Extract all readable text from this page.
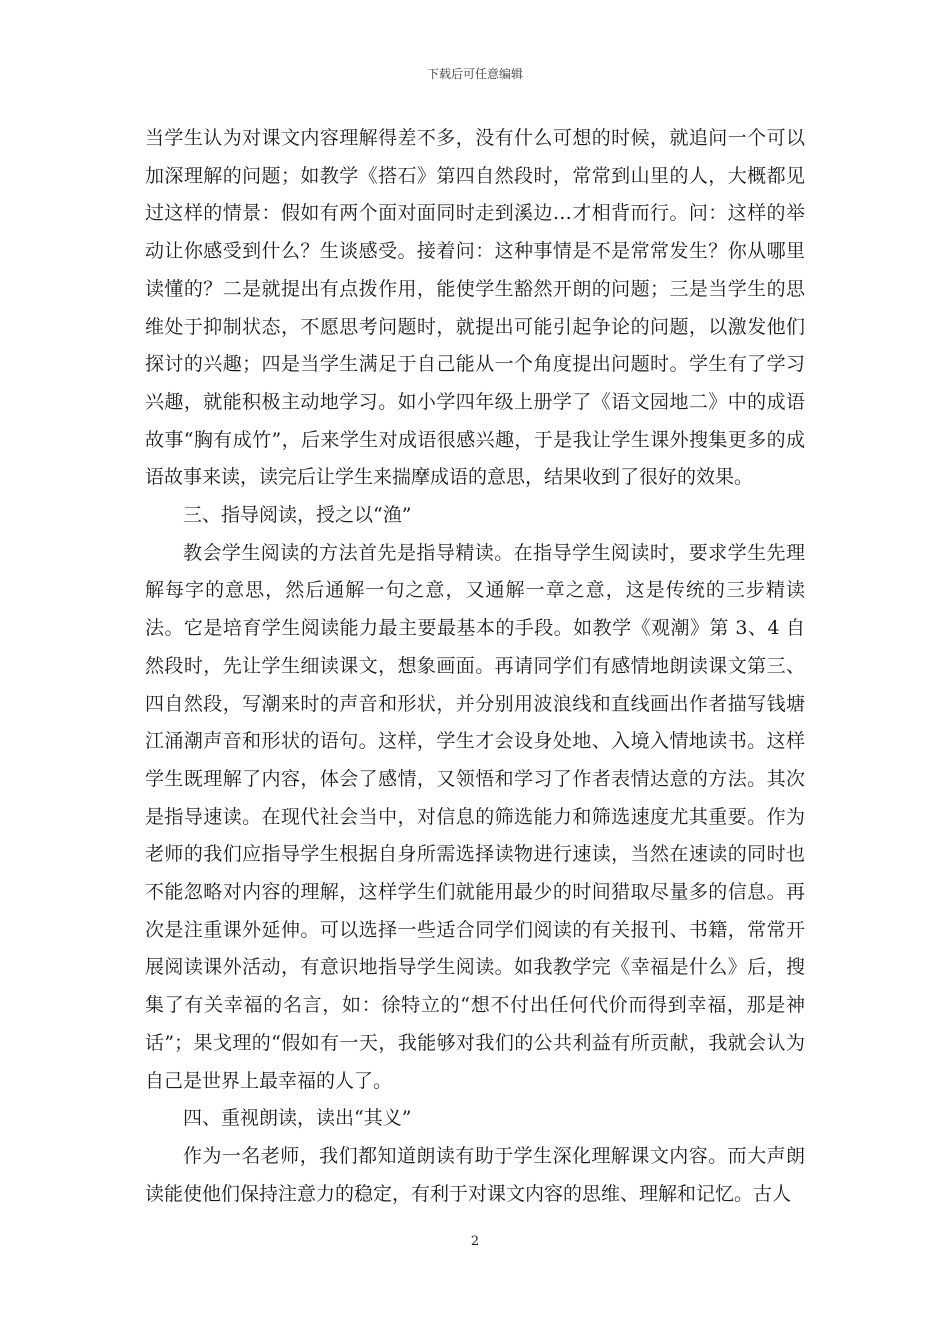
下载后可任意编辑

当学生认为对课文内容理解得差不多，没有什么可想的时候，就追问一个可以加深理解的问题；如教学《搭石》第四自然段时，常常到山里的人，大概都见过这样的情景：假如有两个面对面同时走到溪边…才相背而行。问：这样的举动让你感受到什么？生谈感受。接着问：这种事情是不是常常发生？你从哪里读懂的？二是就提出有点拨作用，能使学生豁然开朗的问题；三是当学生的思维处于抑制状态，不愿思考问题时，就提出可能引起争论的问题，以激发他们探讨的兴趣；四是当学生满足于自己能从一个角度提出问题时。学生有了学习兴趣，就能积极主动地学习。如小学四年级上册学了《语文园地二》中的成语故事“胸有成竹”，后来学生对成语很感兴趣，于是我让学生课外搜集更多的成语故事来读，读完后让学生来揣摩成语的意思，结果收到了很好的效果。

三、指导阅读，授之以“渔”

教会学生阅读的方法首先是指导精读。在指导学生阅读时，要求学生先理解每字的意思，然后通解一句之意，又通解一章之意，这是传统的三步精读法。它是培育学生阅读能力最主要最基本的手段。如教学《观潮》第 3、4 自然段时，先让学生细读课文，想象画面。再请同学们有感情地朗读课文第三、四自然段，写潮来时的声音和形状，并分别用波浪线和直线画出作者描写钱塘江涌潮声音和形状的语句。这样，学生才会设身处地、入境入情地读书。这样学生既理解了内容，体会了感情，又领悟和学习了作者表情达意的方法。其次是指导速读。在现代社会当中，对信息的筛选能力和筛选速度尤其重要。作为老师的我们应指导学生根据自身所需选择读物进行速读，当然在速读的同时也不能忽略对内容的理解，这样学生们就能用最少的时间猎取尽量多的信息。再次是注重课外延伸。可以选择一些适合同学们阅读的有关报刊、书籍，常常开展阅读课外活动，有意识地指导学生阅读。如我教学完《幸福是什么》后，搜集了有关幸福的名言，如：徐特立的“想不付出任何代价而得到幸福，那是神话”；果戈理的“假如有一天，我能够对我们的公共利益有所贡献，我就会认为自己是世界上最幸福的人了。

四、重视朗读，读出“其义”

作为一名老师，我们都知道朗读有助于学生深化理解课文内容。而大声朗读能使他们保持注意力的稳定，有利于对课文内容的思维、理解和记忆。古人

2
